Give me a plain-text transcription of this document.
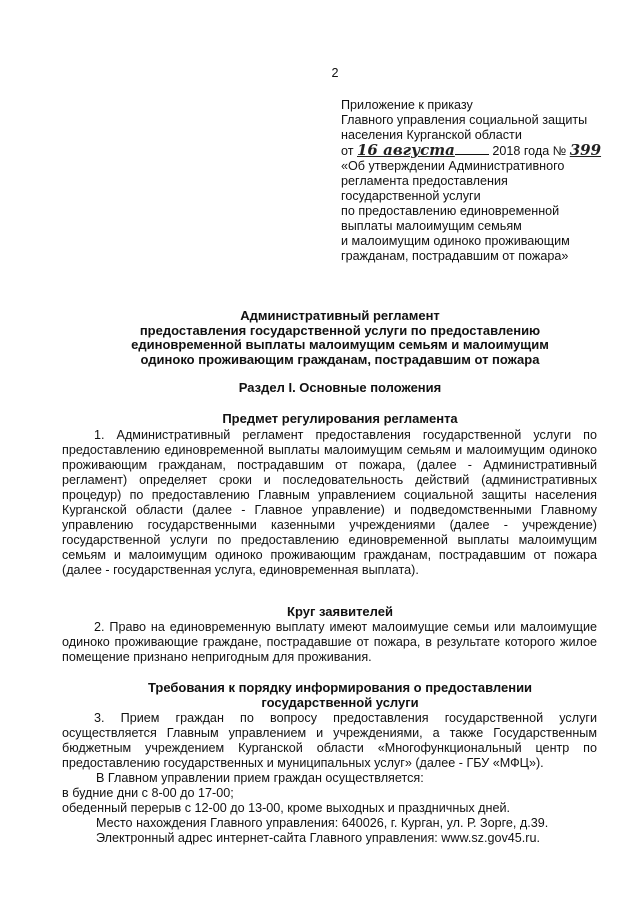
2
Приложение к приказу
Главного управления социальной защиты
населения Курганской области
от 16 августа	2018 года № 399
«Об утверждении Административного
регламента предоставления
государственной услуги
по предоставлению единовременной
выплаты малоимущим семьям
и малоимущим одиноко проживающим
гражданам, пострадавшим от пожара»
Административный регламент
предоставления государственной услуги по предоставлению
единовременной выплаты малоимущим семьям и малоимущим
одиноко проживающим гражданам, пострадавшим от пожара
Раздел I. Основные положения
Предмет регулирования регламента
1. Административный регламент предоставления государственной услуги по предоставлению единовременной выплаты малоимущим семьям и малоимущим одиноко проживающим гражданам, пострадавшим от пожара, (далее - Административный регламент) определяет сроки и последовательность действий (административных процедур) по предоставлению Главным управлением социальной защиты населения Курганской области (далее - Главное управление) и подведомственными Главному управлению государственными казенными учреждениями (далее - учреждение) государственной услуги по предоставлению единовременной выплаты малоимущим семьям и малоимущим одиноко проживающим гражданам, пострадавшим от пожара (далее - государственная услуга, единовременная выплата).
Круг заявителей
2. Право на единовременную выплату имеют малоимущие семьи или малоимущие одиноко проживающие граждане, пострадавшие от пожара, в результате которого жилое помещение признано непригодным для проживания.
Требования к порядку информирования о предоставлении
государственной услуги
3. Прием граждан по вопросу предоставления государственной услуги осуществляется Главным управлением и учреждениями, а также Государственным бюджетным учреждением Курганской области «Многофункциональный центр по предоставлению государственных и муниципальных услуг» (далее - ГБУ «МФЦ»).
В Главном управлении прием граждан осуществляется:
в будние дни с 8-00 до 17-00;
обеденный перерыв с 12-00 до 13-00, кроме выходных и праздничных дней.
Место нахождения Главного управления: 640026, г. Курган, ул. Р. Зорге, д.39.
Электронный адрес интернет-сайта Главного управления: www.sz.gov45.ru.
